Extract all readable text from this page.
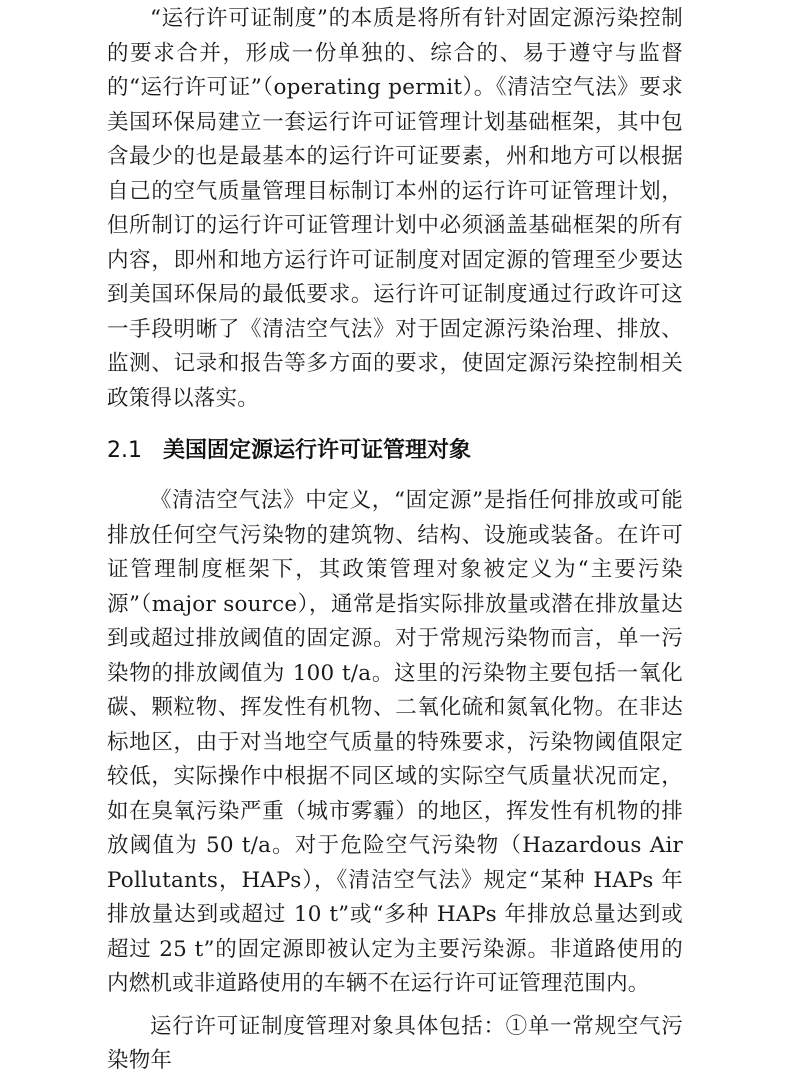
“运行许可证制度”的本质是将所有针对固定源污染控制的要求合并，形成一份单独的、综合的、易于遵守与监督的“运行许可证”（operating permit）。《清洁空气法》要求美国环保局建立一套运行许可证管理计划基础框架，其中包含最少的也是最基本的运行许可证要素，州和地方可以根据自己的空气质量管理目标制订本州的运行许可证管理计划，但所制订的运行许可证管理计划中必须涵盖基础框架的所有内容，即州和地方运行许可证制度对固定源的管理至少要达到美国环保局的最低要求。运行许可证制度通过行政许可这一手段明晰了《清洁空气法》对于固定源污染治理、排放、监测、记录和报告等多方面的要求，使固定源污染控制相关政策得以落实。

2.1 美国固定源运行许可证管理对象

《清洁空气法》中定义，“固定源”是指任何排放或可能排放任何空气污染物的建筑物、结构、设施或装备。在许可证管理制度框架下，其政策管理对象被定义为“主要污染源”（major source），通常是指实际排放量或潜在排放量达到或超过排放阈值的固定源。对于常规污染物而言，单一污染物的排放阈值为 100 t/a。这里的污染物主要包括一氧化碳、颗粒物、挥发性有机物、二氧化硫和氮氧化物。在非达标地区，由于对当地空气质量的特殊要求，污染物阈值限定较低，实际操作中根据不同区域的实际空气质量状况而定，如在臭氧污染严重（城市雾霾）的地区，挥发性有机物的排放阈值为 50 t/a。对于危险空气污染物（Hazardous Air Pollutants，HAPs），《清洁空气法》规定“某种 HAPs 年排放量达到或超过 10 t”或“多种 HAPs 年排放总量达到或超过 25 t”的固定源即被认定为主要污染源。非道路使用的内燃机或非道路使用的车辆不在运行许可证管理范围内。

运行许可证制度管理对象具体包括：①单一常规空气污染物年
